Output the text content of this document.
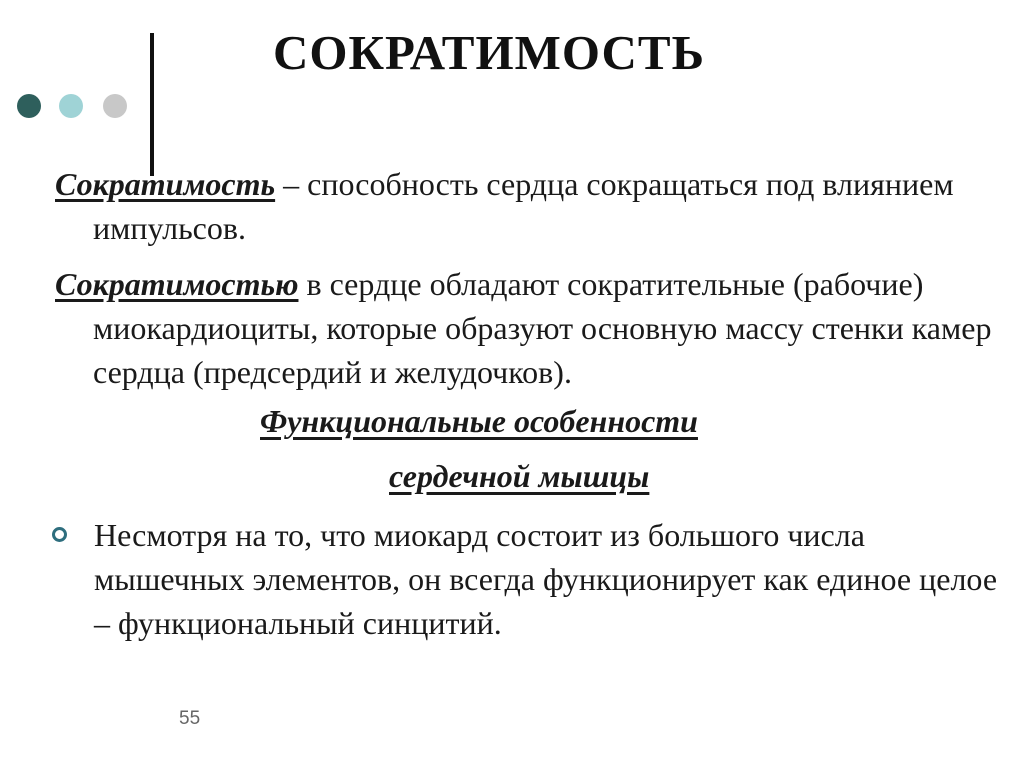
СОКРАТИМОСТЬ

Сократимость – способность сердца сокращаться под влиянием импульсов.

Сократимостью в сердце обладают сократительные (рабочие) миокардиоциты, которые образуют основную массу стенки камер сердца (предсердий и желудочков).

Функциональные особенности
сердечной мышцы

Несмотря на то, что миокард состоит из большого числа мышечных элементов, он всегда функционирует как единое целое – функциональный синцитий.

55
